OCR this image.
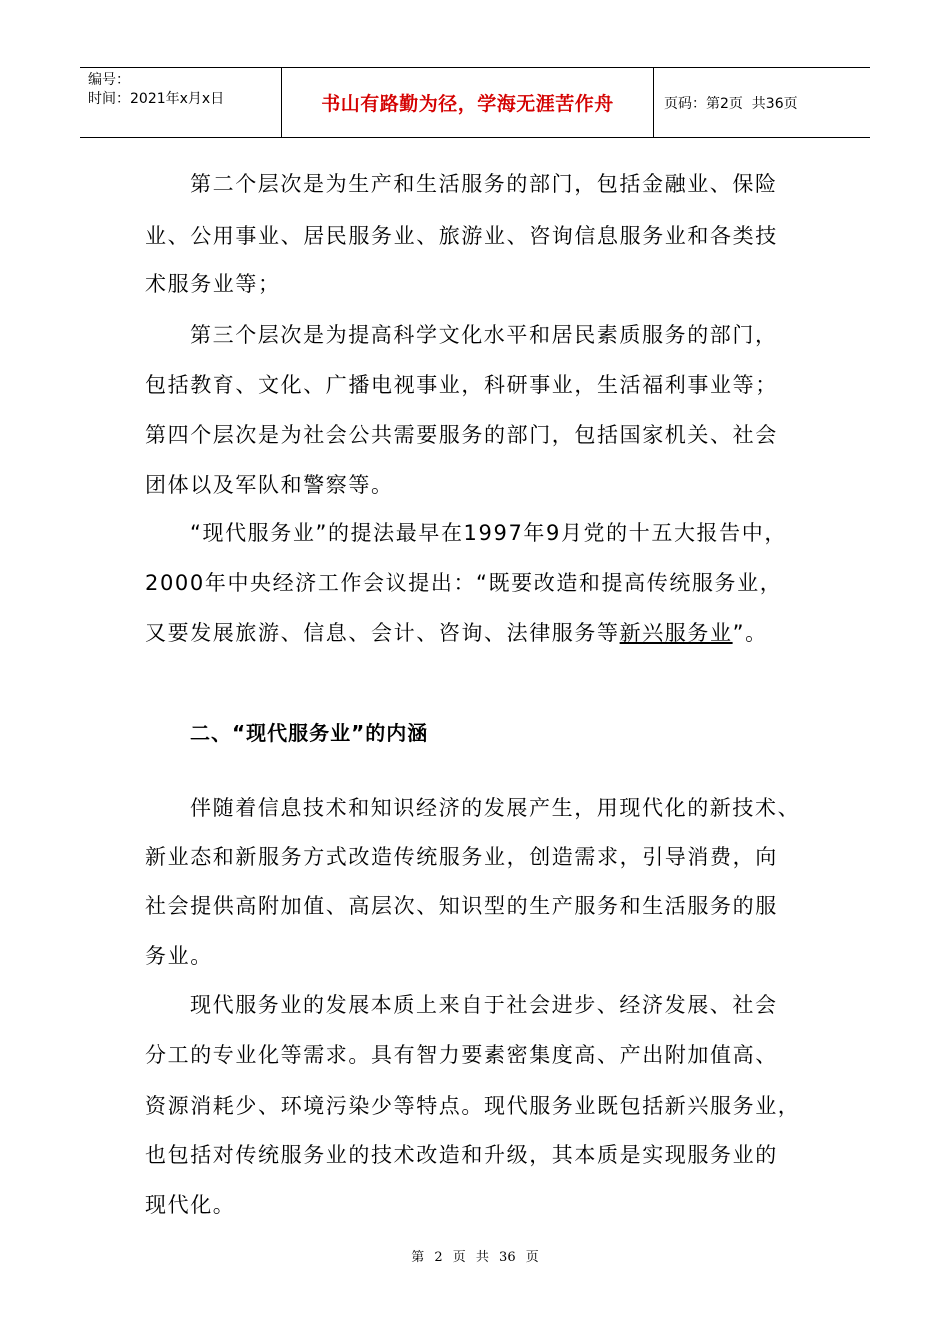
编号：
时间：2021年x月x日	书山有路勤为径，学海无涯苦作舟	页码：第2页  共36页
第二个层次是为生产和生活服务的部门，包括金融业、保险
业、公用事业、居民服务业、旅游业、咨询信息服务业和各类技
术服务业等；
第三个层次是为提高科学文化水平和居民素质服务的部门，
包括教育、文化、广播电视事业，科研事业，生活福利事业等；
第四个层次是为社会公共需要服务的部门，包括国家机关、社会
团体以及军队和警察等。
“现代服务业”的提法最早在1997年9月党的十五大报告中，
2000年中央经济工作会议提出：“既要改造和提高传统服务业，
又要发展旅游、信息、会计、咨询、法律服务等新兴服务业”。
二、“现代服务业”的内涵
伴随着信息技术和知识经济的发展产生，用现代化的新技术、
新业态和新服务方式改造传统服务业，创造需求，引导消费，向
社会提供高附加值、高层次、知识型的生产服务和生活服务的服
务业。
现代服务业的发展本质上来自于社会进步、经济发展、社会
分工的专业化等需求。具有智力要素密集度高、产出附加值高、
资源消耗少、环境污染少等特点。现代服务业既包括新兴服务业，
也包括对传统服务业的技术改造和升级，其本质是实现服务业的
现代化。
第 2 页 共 36 页
